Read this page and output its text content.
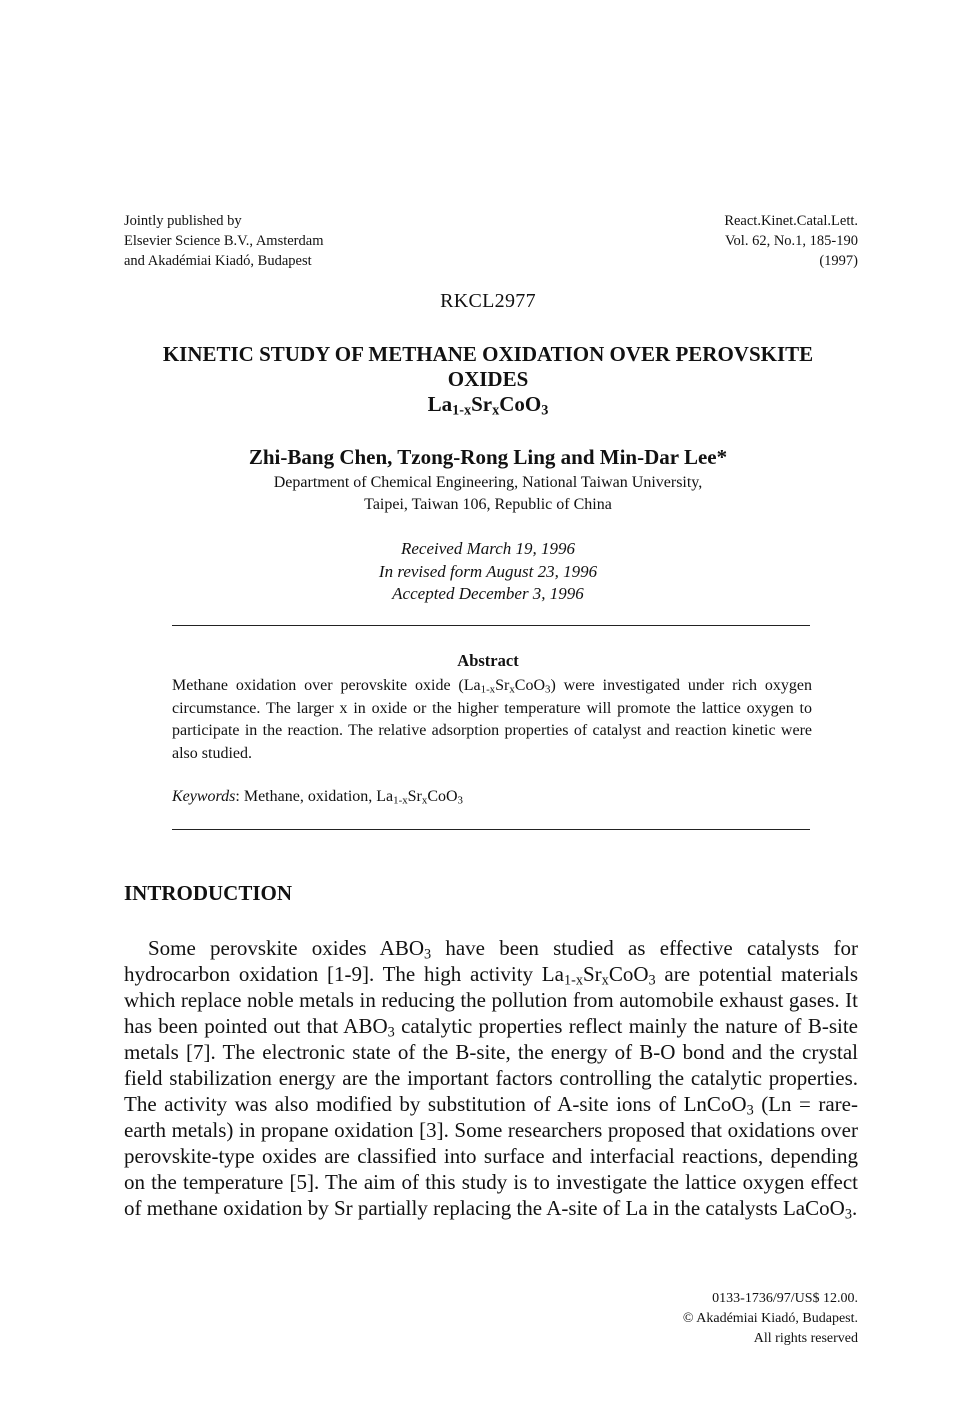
Jointly published by
Elsevier Science B.V., Amsterdam
and Akadémiai Kiadó, Budapest
React.Kinet.Catal.Lett.
Vol. 62, No.1, 185-190
(1997)
RKCL2977
KINETIC STUDY OF METHANE OXIDATION OVER PEROVSKITE
OXIDES
$La_{1-x}Sr_xCoO_3$
Zhi-Bang Chen, Tzong-Rong Ling and Min-Dar Lee*
Department of Chemical Engineering, National Taiwan University,
Taipei, Taiwan 106, Republic of China
Received March 19, 1996
In revised form August 23, 1996
Accepted December 3, 1996
Abstract
Methane oxidation over perovskite oxide $(La_{1-x}Sr_xCoO_3)$ were investigated under rich oxygen circumstance. The larger x in oxide or the higher temperature will promote the lattice oxygen to participate in the reaction. The relative adsorption properties of catalyst and reaction kinetic were also studied.
Keywords: Methane, oxidation, $La_{1-x}Sr_xCoO_3$
INTRODUCTION
Some perovskite oxides $ABO_3$ have been studied as effective catalysts for hydrocarbon oxidation [1-9]. The high activity $La_{1-x}Sr_xCoO_3$ are potential materials which replace noble metals in reducing the pollution from automobile exhaust gases. It has been pointed out that $ABO_3$ catalytic properties reflect mainly the nature of B-site metals [7]. The electronic state of the B-site, the energy of B-O bond and the crystal field stabilization energy are the important factors controlling the catalytic properties. The activity was also modified by substitution of A-site ions of LnCoO$_3$ (Ln = rare-earth metals) in propane oxidation [3]. Some researchers proposed that oxidations over perovskite-type oxides are classified into surface and interfacial reactions, depending on the temperature [5]. The aim of this study is to investigate the lattice oxygen effect of methane oxidation by Sr partially replacing the A-site of La in the catalysts LaCoO$_3$.
0133-1736/97/US$ 12.00.
© Akadémiai Kiadó, Budapest.
All rights reserved
